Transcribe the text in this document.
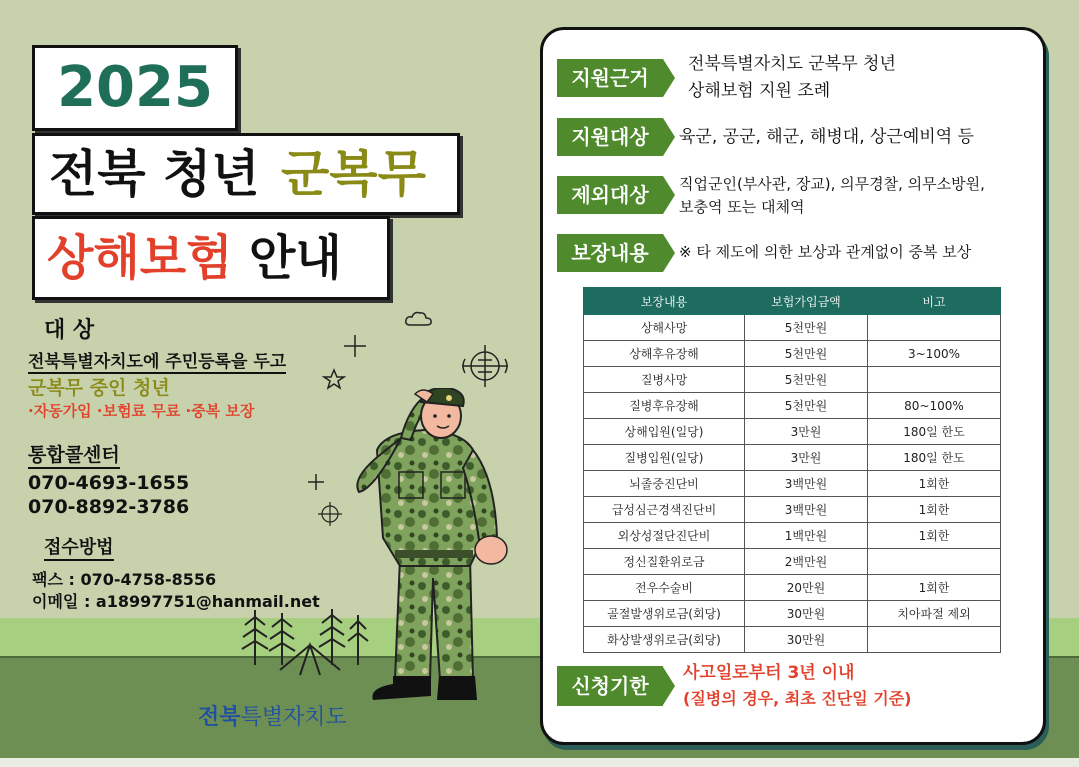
2025
전북 청년 군복무
상해보험 안내
대 상
전북특별자치도에 주민등록을 두고
군복무 중인 청년
·자동가입 ·보험료 무료 ·중복 보장
통합콜센터
070-4693-1655
070-8892-3786
접수방법
팩스 : 070-4758-8556
이메일 : a18997751@hanmail.net
전북특별자치도
지원근거
전북특별자치도 군복무 청년
상해보험 지원 조례
지원대상	육군, 공군, 해군, 해병대, 상근예비역 등
제외대상	직업군인(부사관, 장교), 의무경찰, 의무소방원,
보충역 또는 대체역
보장내용	※ 타 제도에 의한 보상과 관계없이 중복 보상
보장내용	보험가입금액	비고
상해사망	5천만원	
상해후유장해	5천만원	3~100%
질병사망	5천만원	
질병후유장해	5천만원	80~100%
상해입원(일당)	3만원	180일 한도
질병입원(일당)	3만원	180일 한도
뇌졸중진단비	3백만원	1회한
급성심근경색진단비	3백만원	1회한
외상성절단진단비	1백만원	1회한
정신질환위로금	2백만원	
전우수술비	20만원	1회한
골절발생위로금(회당)	30만원	치아파절 제외
화상발생위로금(회당)	30만원	
신청기한
사고일로부터 3년 이내
(질병의 경우, 최초 진단일 기준)
